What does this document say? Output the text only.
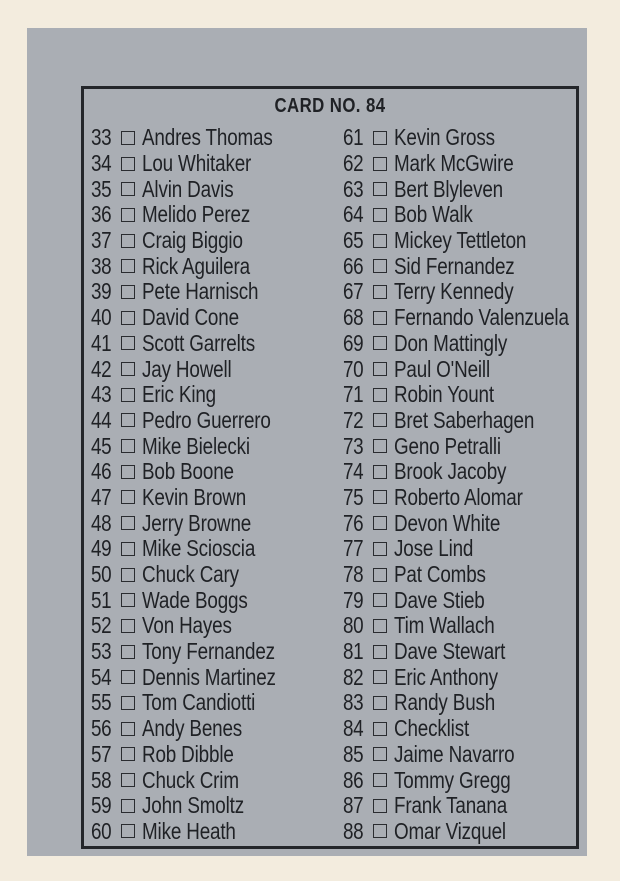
CARD NO. 84
33 Andres Thomas
34 Lou Whitaker
35 Alvin Davis
36 Melido Perez
37 Craig Biggio
38 Rick Aguilera
39 Pete Harnisch
40 David Cone
41 Scott Garrelts
42 Jay Howell
43 Eric King
44 Pedro Guerrero
45 Mike Bielecki
46 Bob Boone
47 Kevin Brown
48 Jerry Browne
49 Mike Scioscia
50 Chuck Cary
51 Wade Boggs
52 Von Hayes
53 Tony Fernandez
54 Dennis Martinez
55 Tom Candiotti
56 Andy Benes
57 Rob Dibble
58 Chuck Crim
59 John Smoltz
60 Mike Heath
61 Kevin Gross
62 Mark McGwire
63 Bert Blyleven
64 Bob Walk
65 Mickey Tettleton
66 Sid Fernandez
67 Terry Kennedy
68 Fernando Valenzuela
69 Don Mattingly
70 Paul O'Neill
71 Robin Yount
72 Bret Saberhagen
73 Geno Petralli
74 Brook Jacoby
75 Roberto Alomar
76 Devon White
77 Jose Lind
78 Pat Combs
79 Dave Stieb
80 Tim Wallach
81 Dave Stewart
82 Eric Anthony
83 Randy Bush
84 Checklist
85 Jaime Navarro
86 Tommy Gregg
87 Frank Tanana
88 Omar Vizquel
